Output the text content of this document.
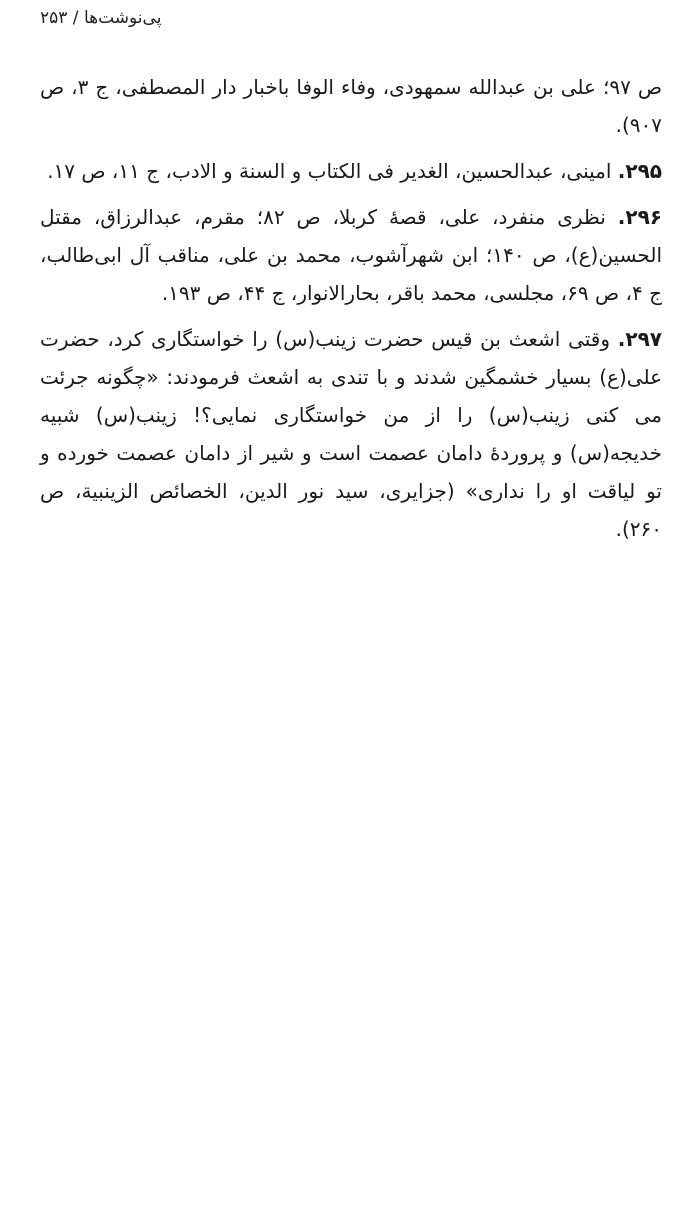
پی‌نوشت‌ها / ۲۵۳

ص ۹۷؛ علی بن عبدالله سمهودی، وفاء الوفا باخبار دار المصطفی، ج ۳، ص ۹۰۷).

۲۹۵. امینی، عبدالحسین، الغدیر فی الکتاب و السنة و الادب، ج ۱۱، ص ۱۷.

۲۹۶. نظری منفرد، علی، قصهٔ کربلا، ص ۸۲؛ مقرم، عبدالرزاق، مقتل الحسین(ع)، ص ۱۴۰؛ ابن شهرآشوب، محمد بن علی، مناقب آل ابی‌طالب، ج ۴، ص ۶۹، مجلسی، محمد باقر، بحارالانوار، ج ۴۴، ص ۱۹۳.

۲۹۷. وقتی اشعث بن قیس حضرت زینب(س) را خواستگاری کرد، حضرت علی(ع) بسیار خشمگین شدند و با تندی به اشعث فرمودند: «چگونه جرئت می کنی زینب(س) را از من خواستگاری نمایی؟! زینب(س) شبیه خدیجه(س) و پروردهٔ دامان عصمت است و شیر از دامان عصمت خورده و تو لیاقت او را نداری» (جزایری، سید نور الدین، الخصائص الزینبیة، ص ۲۶۰).
